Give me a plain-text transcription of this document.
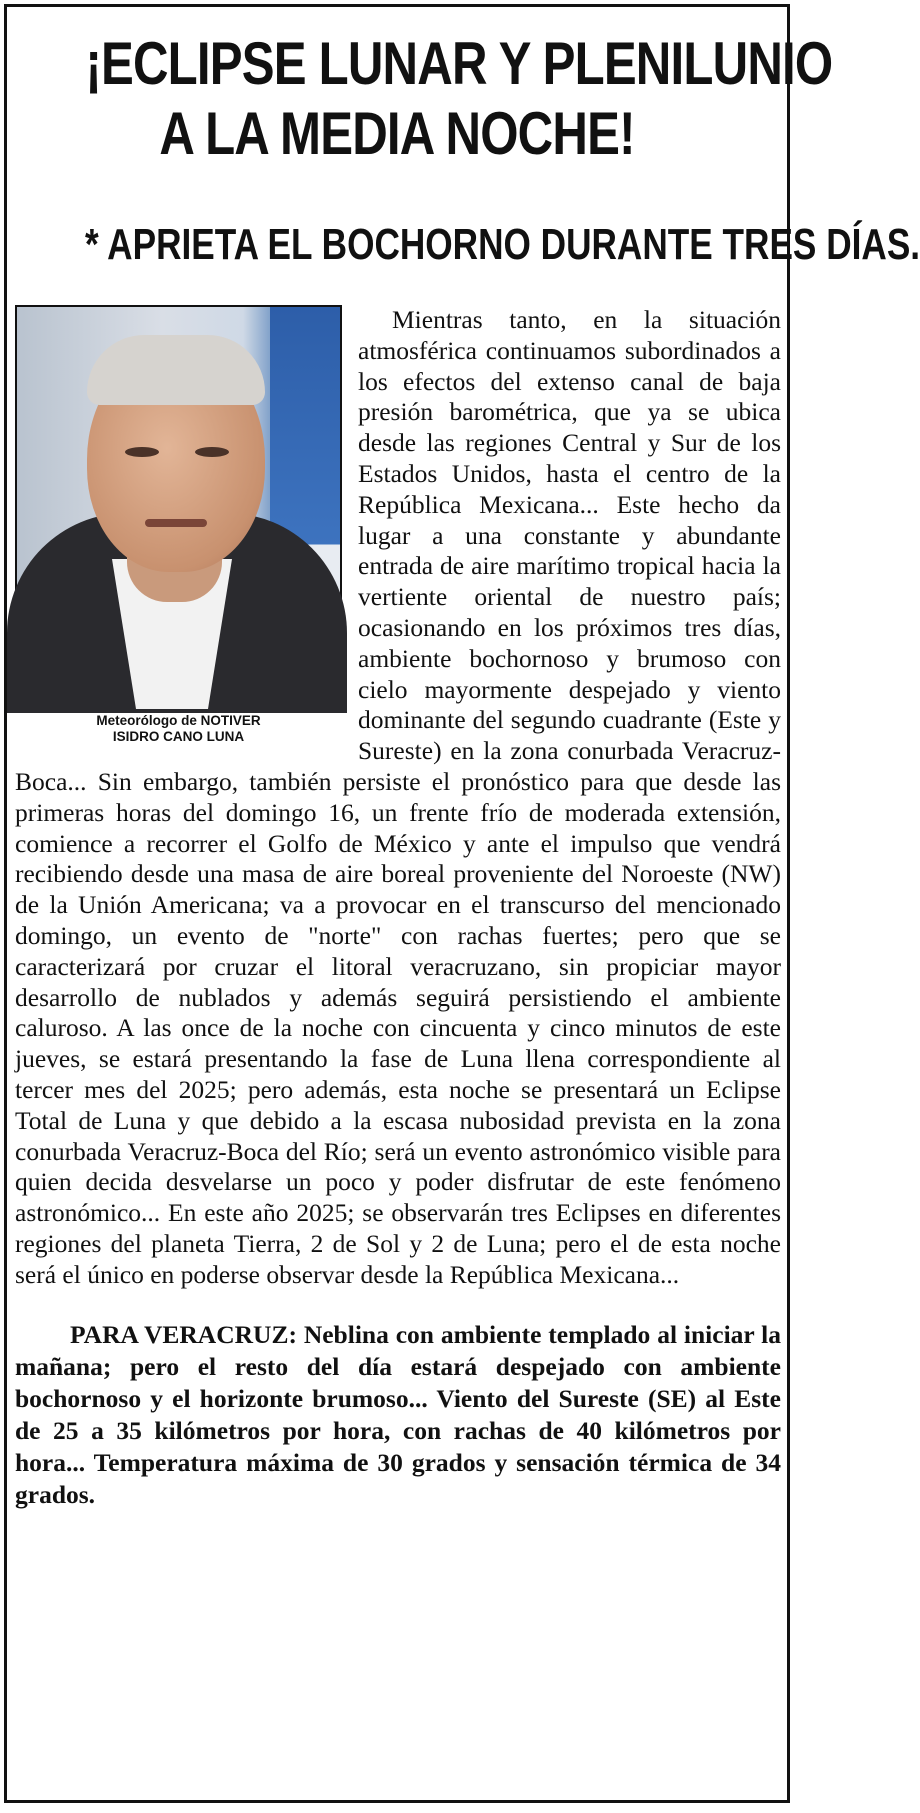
¡ECLIPSE LUNAR Y PLENILUNIO
A LA MEDIA NOCHE!
* APRIETA EL BOCHORNO DURANTE TRES DÍAS.
Meteorólogo de NOTIVER
ISIDRO CANO LUNA

Mientras tanto, en la situación atmosférica continuamos subordinados a los efectos del extenso canal de baja presión barométrica, que ya se ubica desde las regiones Central y Sur de los Estados Unidos, hasta el centro de la República Mexicana... Este hecho da lugar a una constante y abundante entrada de aire marítimo tropical hacia la vertiente oriental de nuestro país; ocasionando en los próximos tres días, ambiente bochornoso y brumoso con cielo mayormente despejado y viento dominante del segundo cuadrante (Este y Sureste) en la zona conurbada Veracruz-Boca... Sin embargo, también persiste el pronóstico para que desde las primeras horas del domingo 16, un frente frío de moderada extensión, comience a recorrer el Golfo de México y ante el impulso que vendrá recibiendo desde una masa de aire boreal proveniente del Noroeste (NW) de la Unión Americana; va a provocar en el transcurso del mencionado domingo, un evento de "norte" con rachas fuertes; pero que se caracterizará por cruzar el litoral veracruzano, sin propiciar mayor desarrollo de nublados y además seguirá persistiendo el ambiente caluroso. A las once de la noche con cincuenta y cinco minutos de este jueves, se estará presentando la fase de Luna llena correspondiente al tercer mes del 2025; pero además, esta noche se presentará un Eclipse Total de Luna y que debido a la escasa nubosidad prevista en la zona conurbada Veracruz-Boca del Río; será un evento astronómico visible para quien decida desvelarse un poco y poder disfrutar de este fenómeno astronómico... En este año 2025; se observarán tres Eclipses en diferentes regiones del planeta Tierra, 2 de Sol y 2 de Luna; pero el de esta noche será el único en poderse observar desde la República Mexicana...

PARA VERACRUZ: Neblina con ambiente templado al iniciar la mañana; pero el resto del día estará despejado con ambiente bochornoso y el horizonte brumoso... Viento del Sureste (SE) al Este de 25 a 35 kilómetros por hora, con rachas de 40 kilómetros por hora... Temperatura máxima de 30 grados y sensación térmica de 34 grados.
